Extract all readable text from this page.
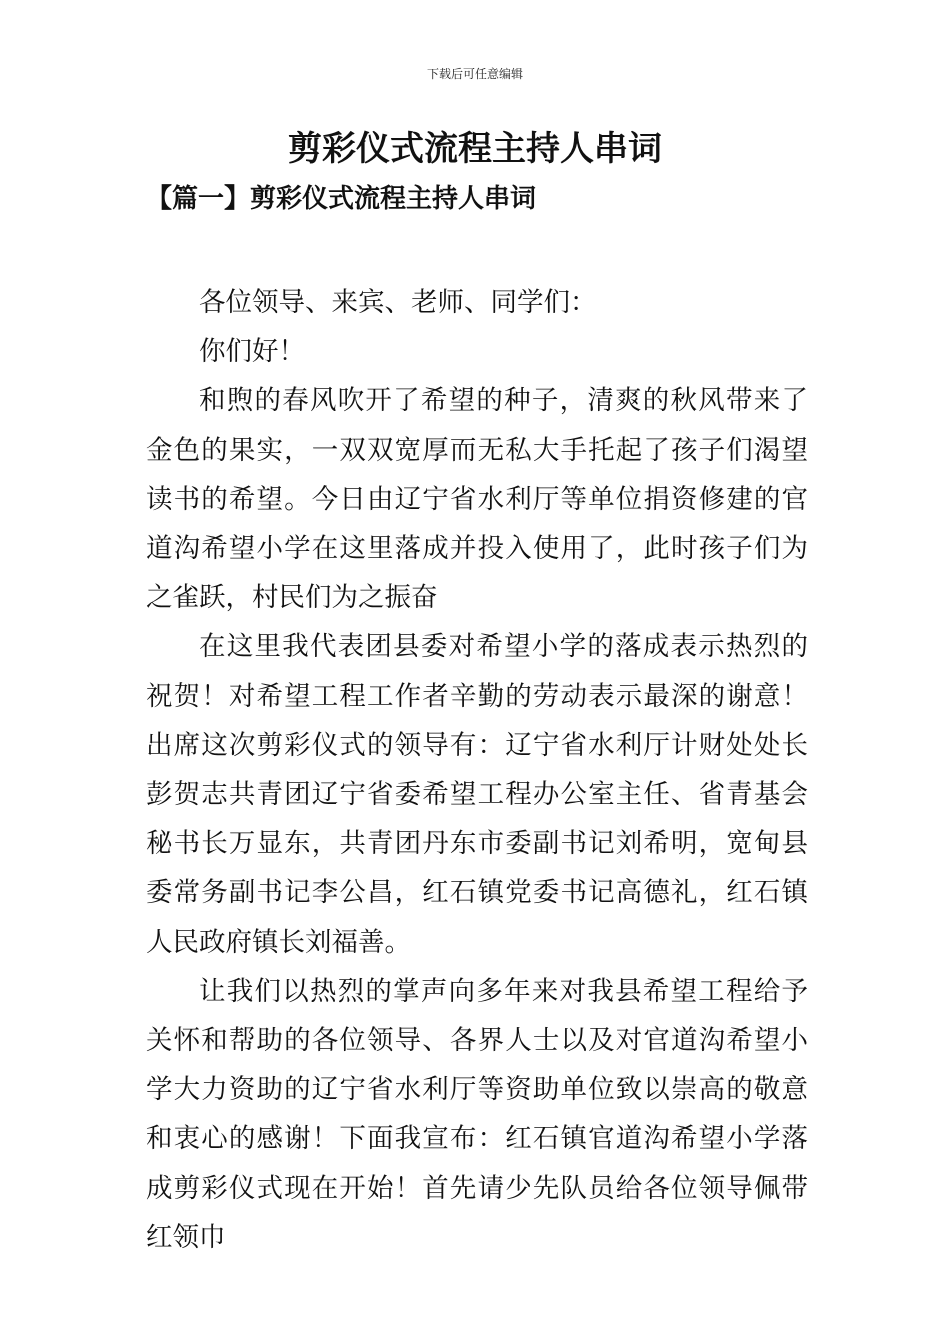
下载后可任意编辑
剪彩仪式流程主持人串词
【篇一】剪彩仪式流程主持人串词

各位领导、来宾、老师、同学们：

你们好！

和煦的春风吹开了希望的种子，清爽的秋风带来了金色的果实，一双双宽厚而无私大手托起了孩子们渴望读书的希望。今日由辽宁省水利厅等单位捐资修建的官道沟希望小学在这里落成并投入使用了，此时孩子们为之雀跃，村民们为之振奋

在这里我代表团县委对希望小学的落成表示热烈的祝贺！对希望工程工作者辛勤的劳动表示最深的谢意！出席这次剪彩仪式的领导有：辽宁省水利厅计财处处长彭贺志共青团辽宁省委希望工程办公室主任、省青基会秘书长万显东，共青团丹东市委副书记刘希明，宽甸县委常务副书记李公昌，红石镇党委书记高德礼，红石镇人民政府镇长刘福善。

让我们以热烈的掌声向多年来对我县希望工程给予关怀和帮助的各位领导、各界人士以及对官道沟希望小学大力资助的辽宁省水利厅等资助单位致以崇高的敬意和衷心的感谢！下面我宣布：红石镇官道沟希望小学落成剪彩仪式现在开始！首先请少先队员给各位领导佩带红领巾
